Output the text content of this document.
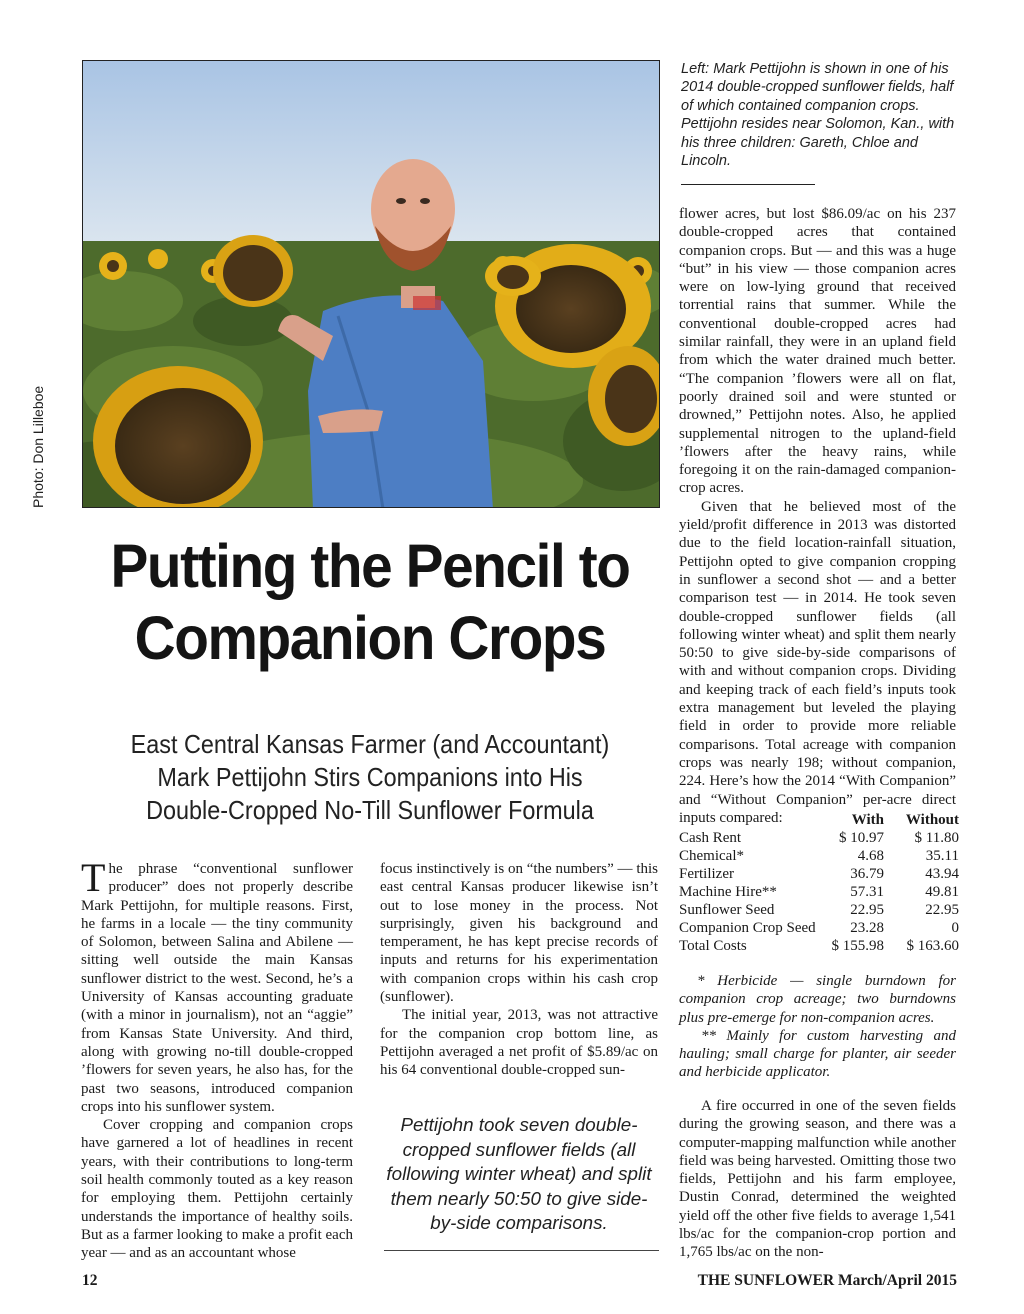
Photo: Don Lilleboe

Left: Mark Pettijohn is shown in one of his 2014 double-cropped sunflower fields, half of which contained companion crops. Pettijohn resides near Solomon, Kan., with his three children: Gareth, Chloe and Lincoln.

Putting the Pencil to
Companion Crops
East Central Kansas Farmer (and Accountant)
Mark Pettijohn Stirs Companions into His
Double-Cropped No-Till Sunflower Formula

The phrase “conventional sunflower producer” does not properly describe Mark Pettijohn, for multiple reasons. First, he farms in a locale — the tiny community of Solomon, between Salina and Abilene — sitting well outside the main Kansas sunflower district to the west. Second, he’s a University of Kansas accounting graduate (with a minor in journalism), not an “aggie” from Kansas State University. And third, along with growing no-till double-cropped ’flowers for seven years, he also has, for the past two seasons, introduced companion crops into his sunflower system.

Cover cropping and companion crops have garnered a lot of headlines in recent years, with their contributions to long-term soil health commonly touted as a key reason for employing them. Pettijohn certainly understands the importance of healthy soils. But as a farmer looking to make a profit each year — and as an accountant whose

focus instinctively is on “the numbers” — this east central Kansas producer likewise isn’t out to lose money in the process. Not surprisingly, given his background and temperament, he has kept precise records of inputs and returns for his experimentation with companion crops within his cash crop (sunflower).

The initial year, 2013, was not attractive for the companion crop bottom line, as Pettijohn averaged a net profit of $5.89/ac on his 64 conventional double-cropped sun-

Pettijohn took seven double-cropped sunflower fields (all following winter wheat) and split them nearly 50:50 to give side-by-side comparisons.

flower acres, but lost $86.09/ac on his 237 double-cropped acres that contained companion crops. But — and this was a huge “but” in his view — those companion acres were on low-lying ground that received torrential rains that summer. While the conventional double-cropped acres had similar rainfall, they were in an upland field from which the water drained much better. “The companion ’flowers were all on flat, poorly drained soil and were stunted or drowned,” Pettijohn notes. Also, he applied supplemental nitrogen to the upland-field ’flowers after the heavy rains, while foregoing it on the rain-damaged companion-crop acres.

Given that he believed most of the yield/profit difference in 2013 was distorted due to the field location-rainfall situation, Pettijohn opted to give companion cropping in sunflower a second shot — and a better comparison test — in 2014. He took seven double-cropped sunflower fields (all following winter wheat) and split them nearly 50:50 to give side-by-side comparisons of with and without companion crops. Dividing and keeping track of each field’s inputs took extra management but leveled the playing field in order to provide more reliable comparisons. Total acreage with companion crops was nearly 198; without companion, 224. Here’s how the 2014 “With Companion” and “Without Companion” per-acre direct inputs compared:

		With	Without
Cash Rent	$ 10.97	$ 11.80
Chemical*	4.68	35.11
Fertilizer	36.79	43.94
Machine Hire**	57.31	49.81
Sunflower Seed	22.95	22.95
Companion Crop Seed	23.28	0
Total Costs	$ 155.98	$ 163.60

* Herbicide — single burndown for companion crop acreage; two burndowns plus pre-emerge for non-companion acres.

** Mainly for custom harvesting and hauling; small charge for planter, air seeder and herbicide applicator.

A fire occurred in one of the seven fields during the growing season, and there was a computer-mapping malfunction while another field was being harvested. Omitting those two fields, Pettijohn and his farm employee, Dustin Conrad, determined the weighted yield off the other five fields to average 1,541 lbs/ac for the companion-crop portion and 1,765 lbs/ac on the non-

12	THE SUNFLOWER March/April 2015
